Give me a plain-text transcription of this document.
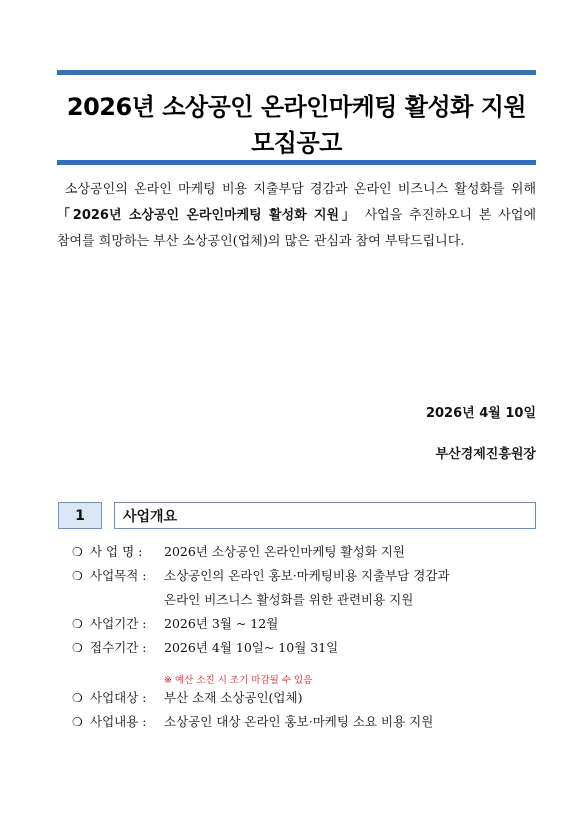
2026년 소상공인 온라인마케팅 활성화 지원
모집공고
소상공인의 온라인 마케팅 비용 지출부담 경감과 온라인 비즈니스 활성화를 위해「2026년 소상공인 온라인마케팅 활성화 지원」 사업을 추진하오니 본 사업에 참여를 희망하는 부산 소상공인(업체)의 많은 관심과 참여 부탁드립니다.
2026년 4월 10일
부산경제진흥원장
1	사업개요
❍ 사 업 명 : 2026년 소상공인 온라인마케팅 활성화 지원
❍ 사업목적 : 소상공인의 온라인 홍보·마케팅비용 지출부담 경감과
온라인 비즈니스 활성화를 위한 관련비용 지원
❍ 사업기간 : 2026년 3월 ~ 12월
❍ 접수기간 : 2026년 4월 10일~ 10월 31일
❍ 사업대상 : 부산 소재 소상공인(업체)
❍ 사업내용 : 소상공인 대상 온라인 홍보·마케팅 소요 비용 지원
※ 예산 소진 시 조기 마감될 수 있음
